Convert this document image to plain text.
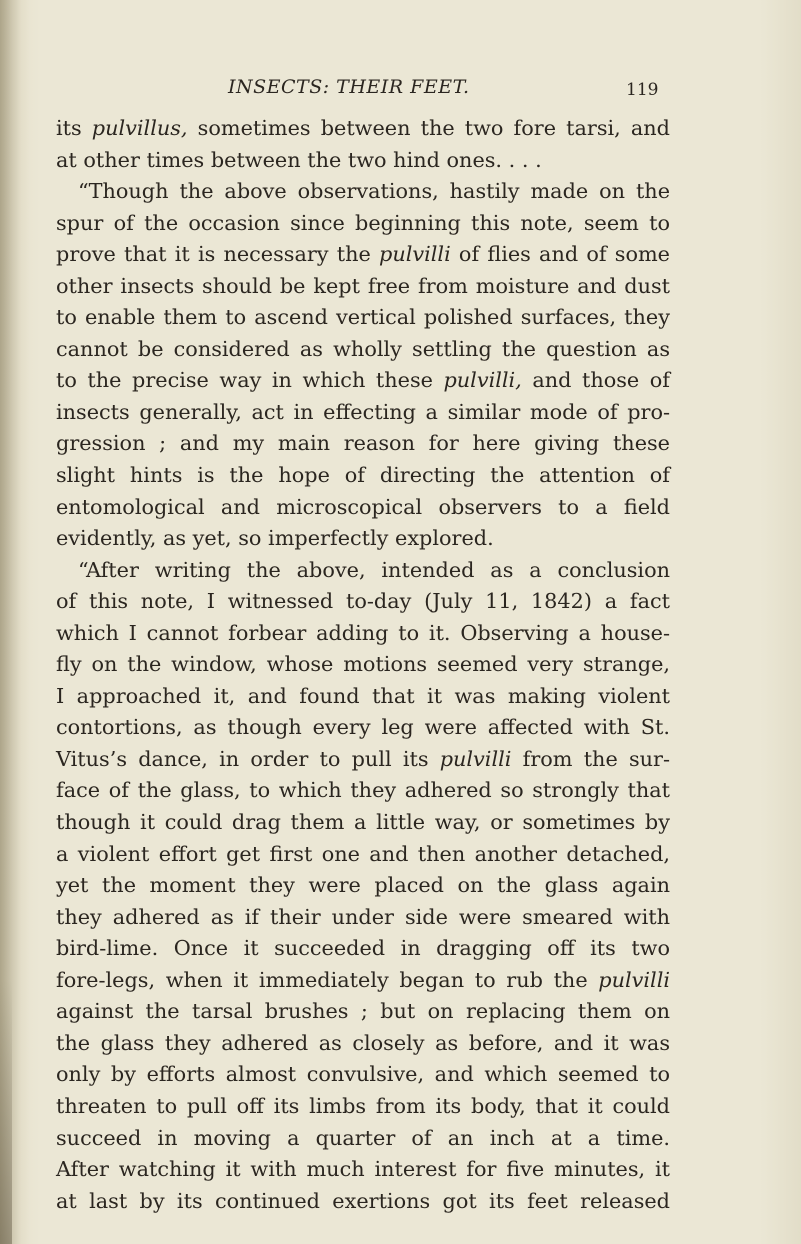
INSECTS: THEIR FEET.	119
its pulvillus, sometimes between the two fore tarsi, and
at other times between the two hind ones. . . .
“Though the above observations, hastily made on the
spur of the occasion since beginning this note, seem to
prove that it is necessary the pulvilli of flies and of some
other insects should be kept free from moisture and dust
to enable them to ascend vertical polished surfaces, they
cannot be considered as wholly settling the question as
to the precise way in which these pulvilli, and those of
insects generally, act in effecting a similar mode of pro-
gression ; and my main reason for here giving these
slight hints is the hope of directing the attention of
entomological and microscopical observers to a field
evidently, as yet, so imperfectly explored.
“After writing the above, intended as a conclusion
of this note, I witnessed to-day (July 11, 1842) a fact
which I cannot forbear adding to it. Observing a house-
fly on the window, whose motions seemed very strange,
I approached it, and found that it was making violent
contortions, as though every leg were affected with St.
Vitus’s dance, in order to pull its pulvilli from the sur-
face of the glass, to which they adhered so strongly that
though it could drag them a little way, or sometimes by
a violent effort get first one and then another detached,
yet the moment they were placed on the glass again
they adhered as if their under side were smeared with
bird-lime. Once it succeeded in dragging off its two
fore-legs, when it immediately began to rub the pulvilli
against the tarsal brushes ; but on replacing them on
the glass they adhered as closely as before, and it was
only by efforts almost convulsive, and which seemed to
threaten to pull off its limbs from its body, that it could
succeed in moving a quarter of an inch at a time.
After watching it with much interest for five minutes, it
at last by its continued exertions got its feet released
